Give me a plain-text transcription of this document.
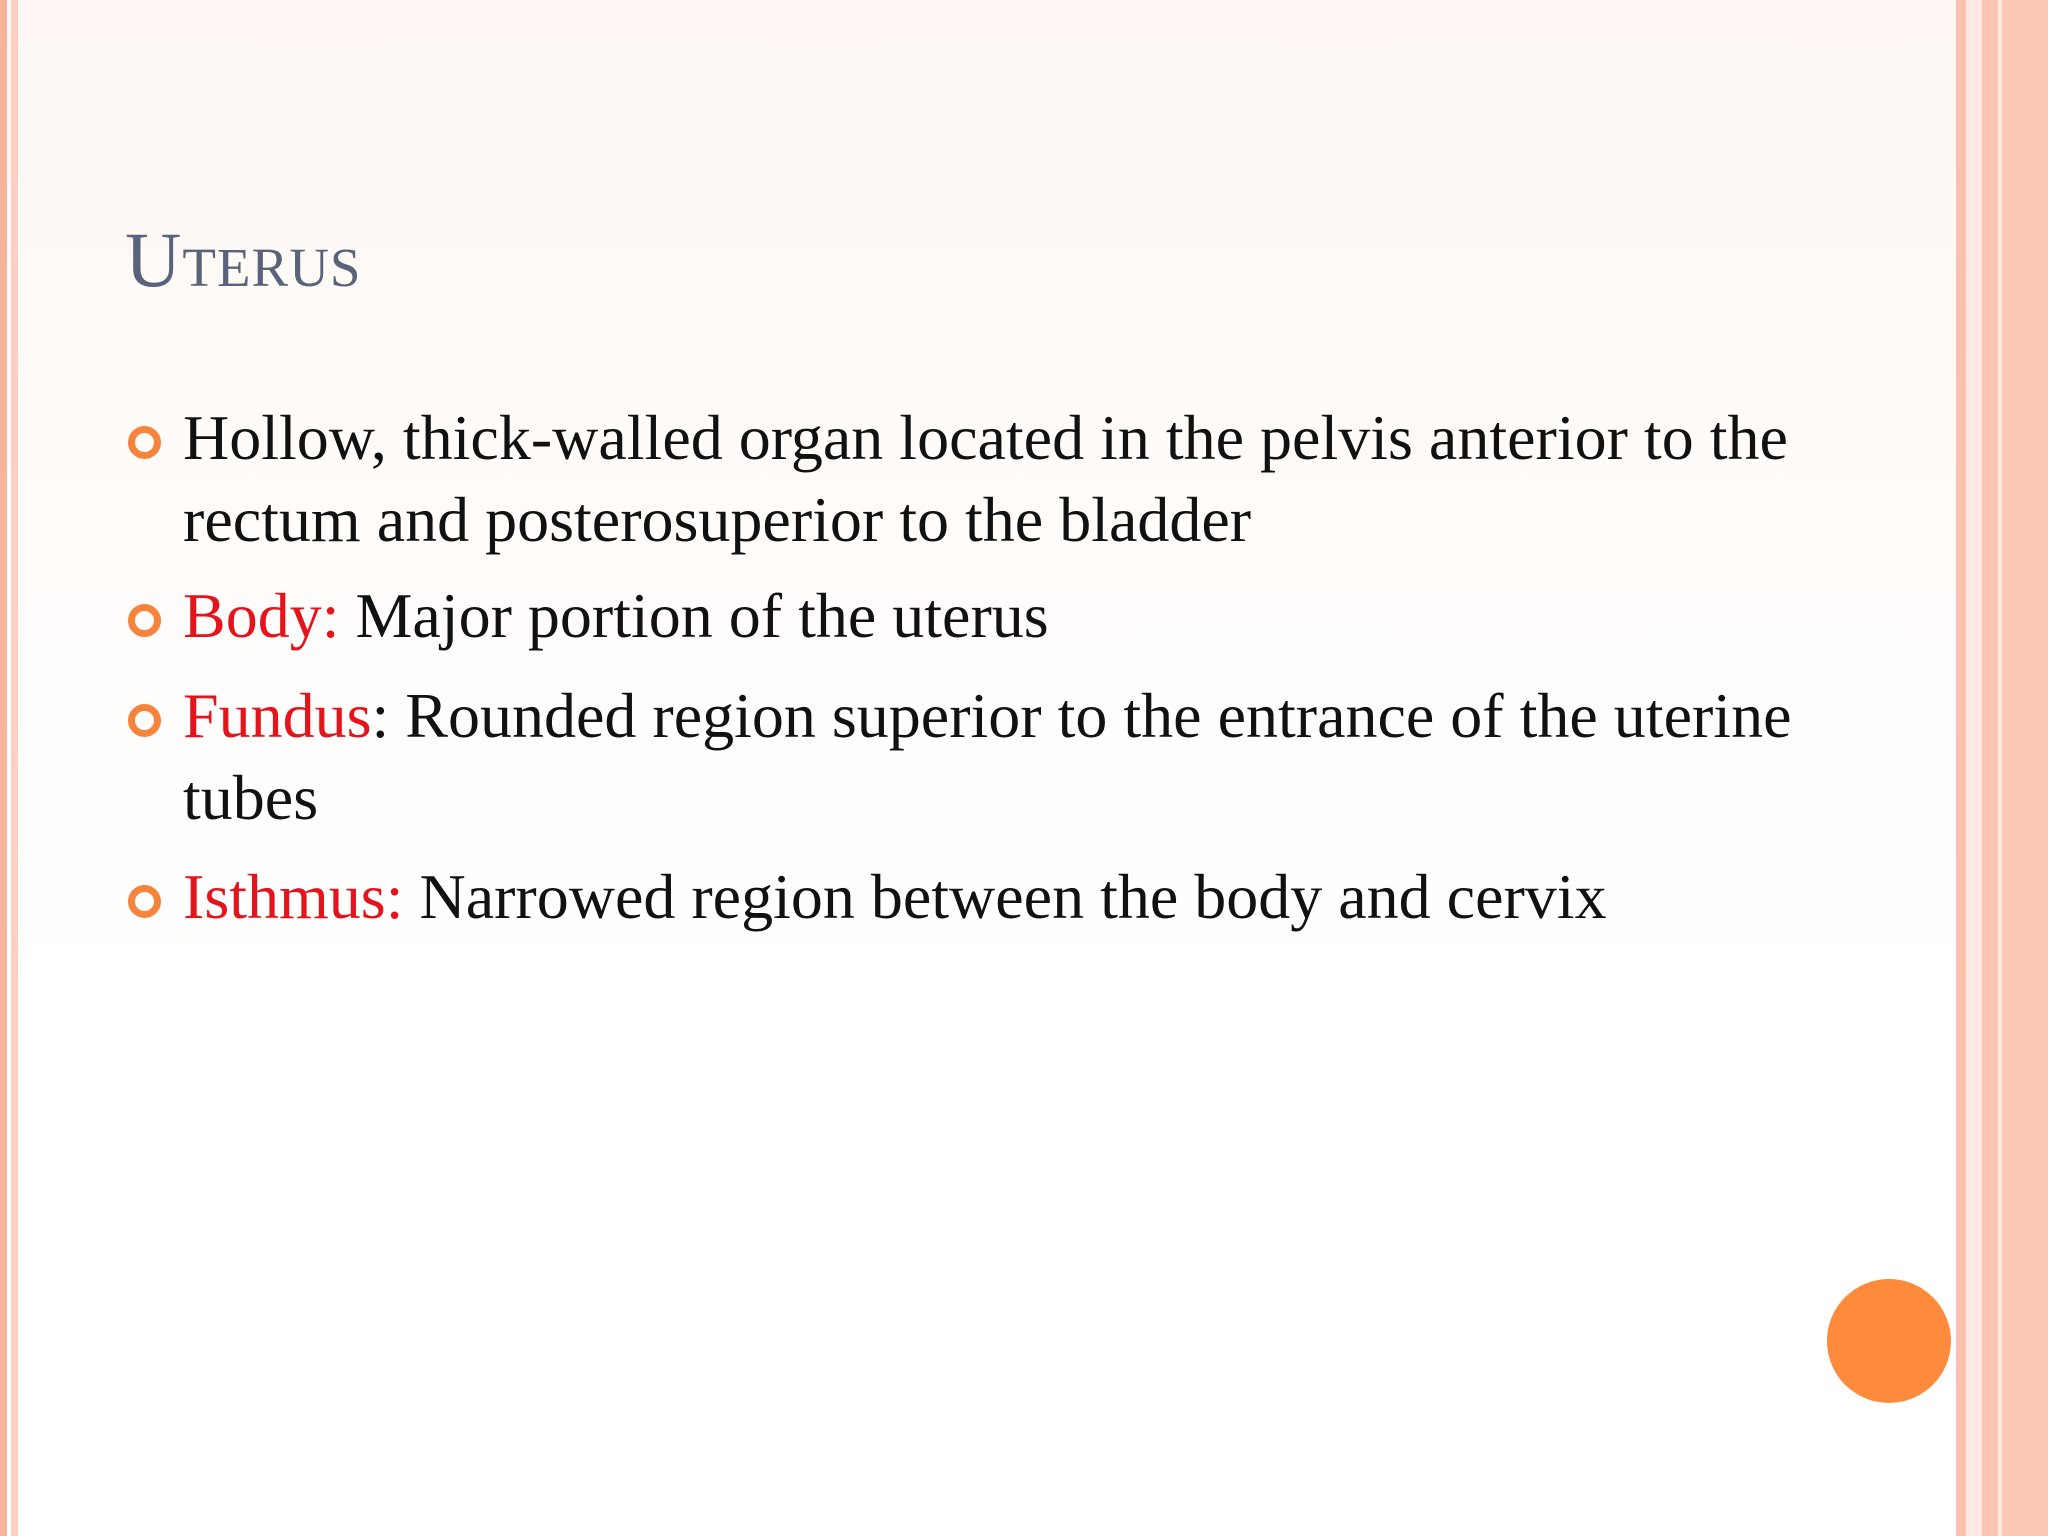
Uterus
Hollow, thick-walled organ located in the pelvis anterior to the rectum and posterosuperior to the bladder
Body: Major portion of the uterus
Fundus: Rounded region superior to the entrance of the uterine tubes
Isthmus: Narrowed region between the body and cervix
